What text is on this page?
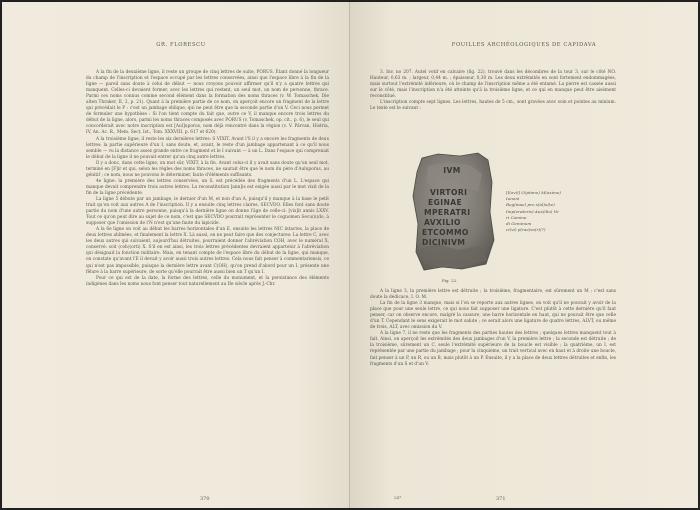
GR. FLORESCU

A la fin de la deuxième ligne, il reste un groupe de cinq lettres de suite, PORUS. Étant donné la longueur du champ de l'inscription et l'espace occupé par les lettres conservées, ainsi que l'espace libre à la fin de la ligne — pareil sans doute à celui de début — nous croyons pouvoir affirmer qu'il n'y a quatre lettres qui manquent. Celles-ci devaient former, avec les lettres qui restent, un seul mot, un nom de personne, thrace. Parmi ces noms connus comme second élément dans la formation des noms thraces (v. W. Tomaschek, Die alten Thraker, II, 2, p. 21). Quant à la première partie de ce nom, on aperçoit encore un fragment de la lettre qui précédait le P : c'est un jambage oblique, qui ne peut être que la seconde partie d'un V. Ceci nous permet de formuler une hypothèse : Si l'on tient compte du fait que, outre ce V, il manque encore trois lettres du début de la ligne, alors, parmi les noms thraces composés avec PORUS (v. Tomaschek, op. cit., p. 6), le seul qui concorderait avec notre inscription est [Aul]uporus, nom déjà rencontré dans la région (v. V. Pârvan, Histria, IV, An. Ac. R., Mem. Secț. Ist., Tom. XXXVIII, p. 617 et 620).

A la troisième ligne, il reste les six dernières lettres: S VIXIT. Avant l'S il y a encore les fragments de deux lettres: la partie supérieure d'un I, sans doute, et, avant, le reste d'un jambage appartenant à ce qu'il nous semble — vu la distance assez grande entre ce fragment et le I suivant — à un L. Dans l'espace qui comprenait le début de la ligne il ne pouvait entrer qu'un cinq autre lettres.

Il y a donc, dans cette ligne, un mot sûr, VIXIT, à la fin. Avant celui-ci il y avait sans doute qu'un seul mot, terminé en [F]ir et qui, selon les règles des noms thraces, ne saurait être que le nom du père d'Auluporus, au génitif ; ce nom, nous ne pouvons le déterminer, faute d'éléments suffisants.

4e ligne: la première des lettres conservées, un S, est précédée des fragments d'un L. L'espace qui manque devait comprendre trois autres lettres. La reconstitution [ann]is est exigée aussi par le mot vixit de la fin de la ligne précédente.

La ligne 5 débute par un jambage, le dernier d'un M, et non d'un A, puisqu'il y manque à la base le petit trait qu'on voit aux autres A de l'inscription. Il y a ensuite cinq lettres claires, SECVDO. Elles font sans doute partie du nom d'une autre personne, puisqu'à la dernière ligne on donne l'âge de celle-ci: [vix]it annis LXXV. Tout ce qu'on peut dire au sujet de ce nom, c'est que SECVDO pourrait représenter le cognomen Secu(n)do, à supposer que l'omission de l'N n'est qu'une faute du lapicide.

A la 6e ligne on voit au début les barres horizontales d'un E, ensuite les lettres NIC intactes, la place de deux lettres abîmées, et finalement la lettre X. Là aussi, on ne peut faire que des conjectures: La lettre C, avec les deux autres qui suivaient, aujourd'hui détruites, pourraient donner l'abréviation COH, avec le numéral X, conservé: soit (coh)(orti) X. S'il en est ainsi, les trois lettres précédentes devraient appartenir à l'abréviation qui désignait la fonction militaire. Mais, en tenant compte de l'espace libre du début de la ligne, qui manque, on constate qu'avant l'E il devait y avoir aussi trois autres lettres. Cela nous fait penser à commentariensis, ce qui n'est pas impossible, puisque la dernière lettre avant C(OH), qu'on prend d'abord pour un I, présente une fêlure à la barre supérieure, de sorte qu'elle pourrait être aussi bien un T qu'un I.

Pour ce qui est de la date, la forme des lettres, celle du monument, et la persistance des éléments indigènes dans les noms nous font penser tout naturellement au IIe siècle après J.-Chr.

370
FOUILLES ARCHÉOLOGIQUES DE CAPIDAVA

3. Inv. no 207. Autel votif en calcaire (fig. 22), trouvé dans les décombres de la tour 3, sur le côté NO. Hauteur, 0,63 m. ; largeur, 0,44 m. ; épaisseur, 0,30 m. Les deux extrémités en sont fortement endommagées, mais surtout l'extrémité inférieure, où le champ de l'inscription même a été entamé. La pierre est cassée aussi sur le côté, mais l'inscription n'a été atteinte qu'à la troisième ligne, et ce qui en manque peut être aisément reconstitué.

L'inscription compte sept lignes. Les lettres, hautes de 5 cm., sont gravées avec soin et pointes au minium. Le texte est le suivant :

IVM
VIRTORI
EGINAE
MPERATRI
AVXILIO
ETCOMMO
DICINIVM
[I(ovi)] O(ptimo) M(aximo)
Iunoni
Reg(inae) pro s(al)u(te)
Imp(eratoris) Aux(ilio) Ve
ri Commo
di Geminum
ci(vi) p(rae)so(r)(?)
Fig. 22.

A la ligne 3, la première lettre est détruite ; la troisième, fragmentaire, est sûrement un M ; c'est sans doute la dédicace, I. O. M.

La fin de la ligne 3 manque, mais si l'on se reporte aux autres lignes, on voit qu'il ne pouvait y avoir de la place que pour une seule lettre, ce qui nous fait supposer une ligature. C'est plutôt à cette dernière qu'il faut penser, car on observe encore, malgré la cassure, une barre horizontale en haut, qui ne pouvait être que celle d'un T. Cependant le sens exigerait le mot salute ; ce serait alors une ligature de quatre lettres, ALVT, ou même de trois, ALT, avec omission du V.

A la ligne 7, il ne reste que les fragments des parties hautes des lettres ; quelques lettres manquent tout à fait. Ainsi, on aperçoit les extrémités des deux jambages d'un V, la première lettre ; la seconde est détruite ; de la troisième, sûrement un C, seule l'extrémité supérieure de la boucle est visible ; la quatrième, un I, est représentée par une partie du jambage ; pour la cinquième, un trait vertical avec en haut et à droite une boucle, fait penser à un P, un R, ou un B, mais plutôt à un P. Ensuite, il y a la place de deux lettres détruites et enfin, les fragments d'un S et d'un V.

24*	371
